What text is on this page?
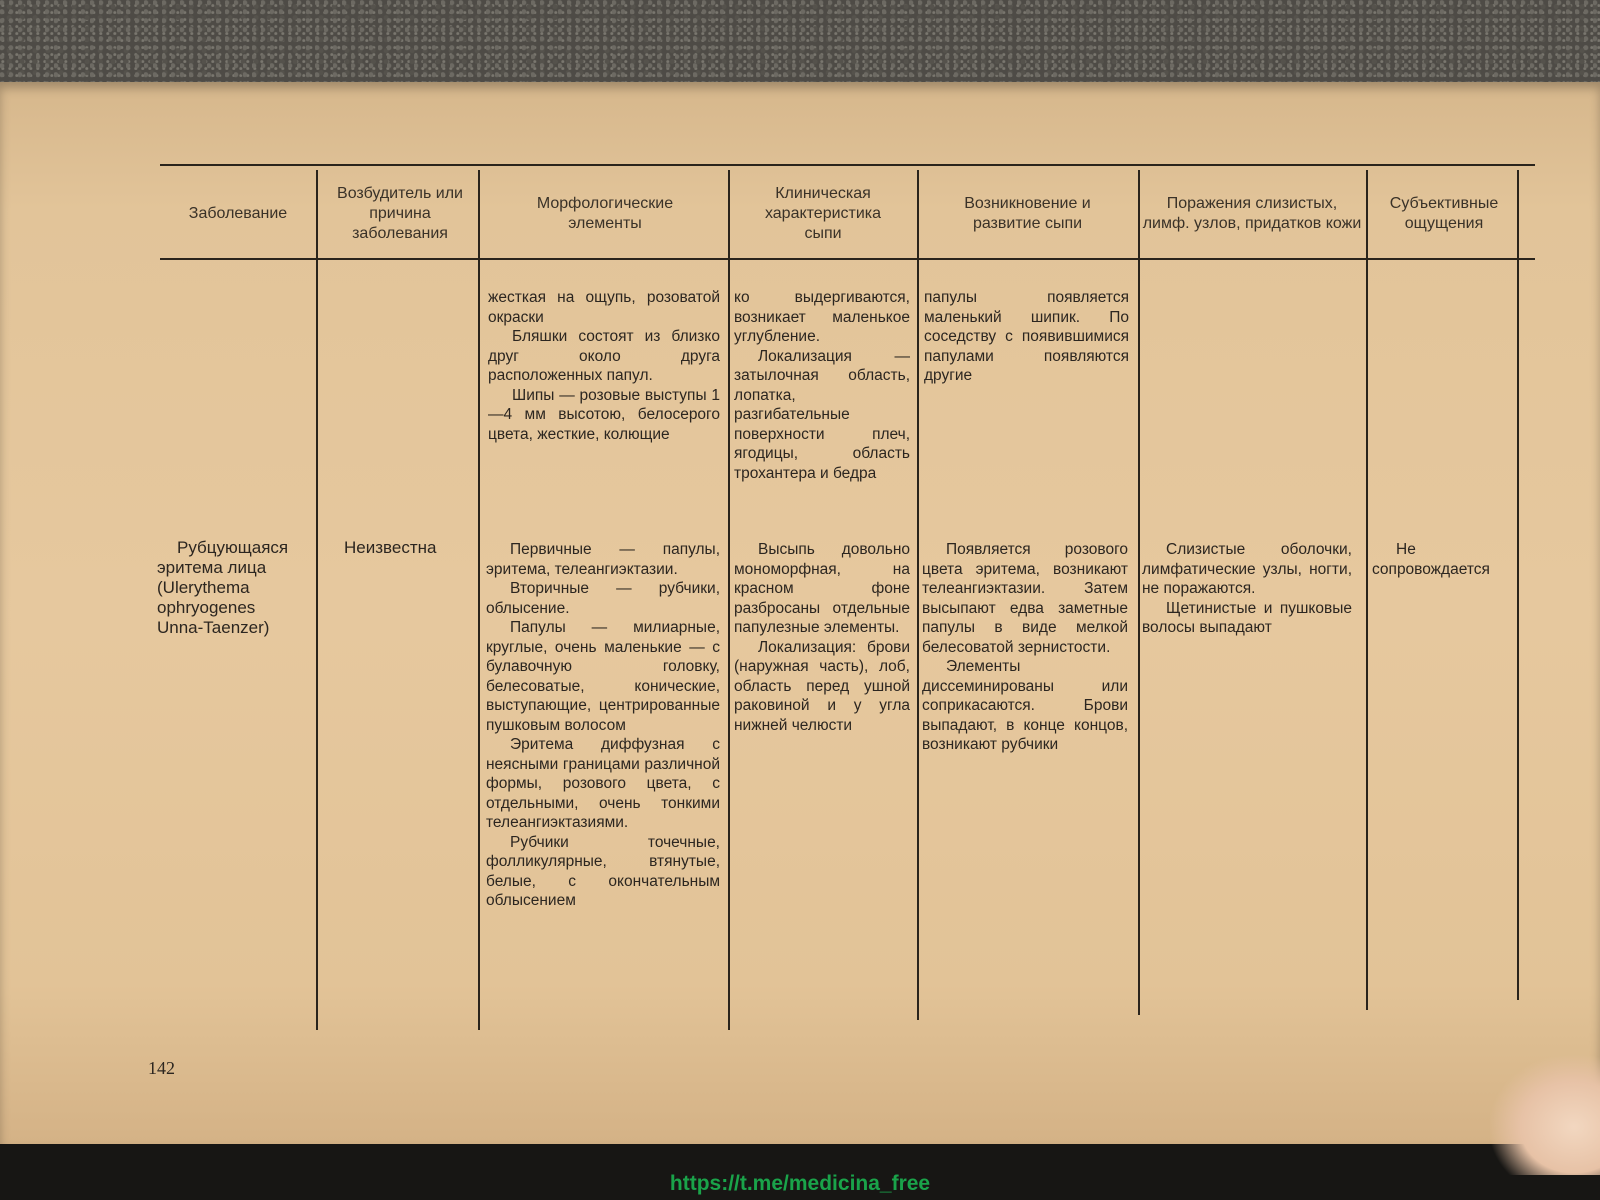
Заболевание
Возбудитель или причина заболевания
Морфологические элементы
Клиническая характеристика сыпи
Возникновение и развитие сыпи
Поражения слизистых, лимф. узлов, придатков кожи
Субъективные ощущения

жесткая на ощупь, розоватой окраски

Бляшки состоят из близко друг около друга расположенных папул.

Шипы — розовые выступы 1—4 мм высотою, белосерого цвета, жесткие, колющие

ко выдергиваются, возникает маленькое углубление.

Локализация — затылочная область, лопатка, разгибательные поверхности плеч, ягодицы, область трохантера и бедра

папулы появляется маленький шипик. По соседству с появившимися папулами появляются другие

Рубцующаяся

эритема лица

(Ulerythema

ophryogenes

Unna-Taenzer)

Неизвестна	Первичные — папулы, эритема, телеангиэктазии.

Вторичные — рубчики, облысение.

Папулы — милиарные, круглые, очень маленькие — с булавочную головку, белесоватые, конические, выступающие, центрированные пушковым волосом

Эритема диффузная с неясными границами различной формы, розового цвета, с отдельными, очень тонкими телеангиэктазиями.

Рубчики точечные, фолликулярные, втянутые, белые, с окончательным облысением

Высыпь довольно мономорфная, на красном фоне разбросаны отдельные папулезные элементы.

Локализация: брови (наружная часть), лоб, область перед ушной раковиной и у угла нижней челюсти

Появляется розового цвета эритема, возникают телеангиэктазии. Затем высыпают едва заметные папулы в виде мелкой белесоватой зернистости.

Элементы диссеминированы или соприкасаются. Брови выпадают, в конце концов, возникают рубчики

Слизистые оболочки, лимфатические узлы, ногти, не поражаются.

Щетинистые и пушковые волосы выпадают

Не сопровождается

142
https://t.me/medicina_free
